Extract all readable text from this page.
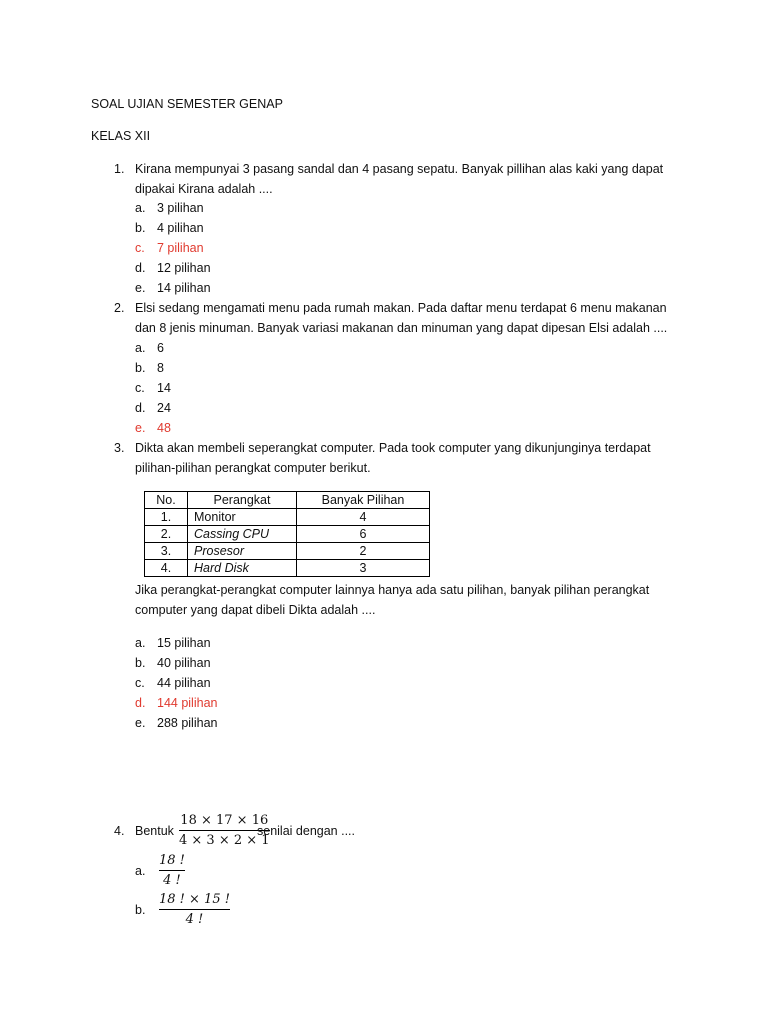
SOAL UJIAN SEMESTER GENAP
KELAS XII
1. Kirana mempunyai 3 pasang sandal dan 4 pasang sepatu. Banyak pillihan alas kaki yang dapat
dipakai Kirana adalah ....
a. 3 pilihan
b. 4 pilihan
c. 7 pilihan
d. 12 pilihan
e. 14 pilihan
2. Elsi sedang mengamati menu pada rumah makan. Pada daftar menu terdapat 6 menu makanan
dan 8 jenis minuman. Banyak variasi makanan dan minuman yang dapat dipesan Elsi adalah ....
a. 6
b. 8
c. 14
d. 24
e. 48
3. Dikta akan membeli seperangkat computer. Pada took computer yang dikunjunginya terdapat
pilihan-pilihan perangkat computer berikut.
No.	Perangkat	Banyak Pilihan
1.	Monitor	4
2.	Cassing CPU	6
3.	Prosesor	2
4.	Hard Disk	3
Jika perangkat-perangkat computer lainnya hanya ada satu pilihan, banyak pilihan perangkat
computer yang dapat dibeli Dikta adalah ....
a. 15 pilihan
b. 40 pilihan
c. 44 pilihan
d. 144 pilihan
e. 288 pilihan
4. Bentuk
18 × 17 × 16
4 × 3 × 2 × 1
senilai dengan ....
a.
18 !
4 !
b.
18 ! × 15 !
4 !
